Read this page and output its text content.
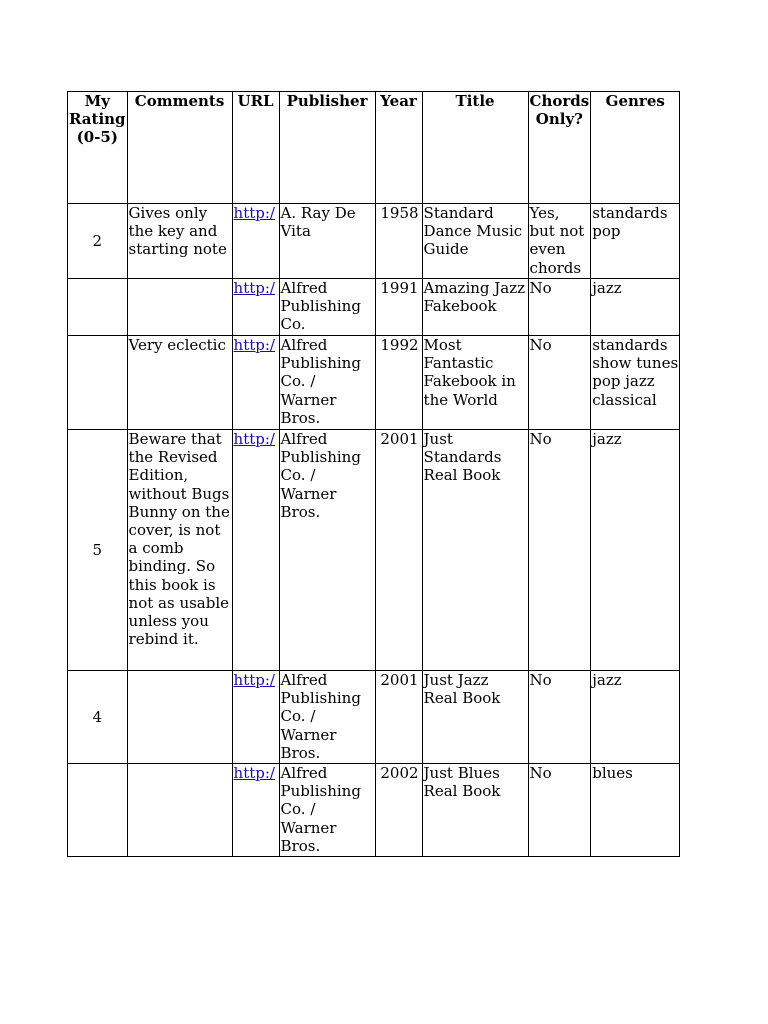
My Rating (0-5)	Comments	URL	Publisher	Year	Title	Chords Only?	Genres
2	Gives only the key and starting note	http:/	A. Ray De Vita	1958	Standard Dance Music Guide	Yes, but not even chords	standards pop
		http:/	Alfred Publishing Co.	1991	Amazing Jazz Fakebook	No	jazz
	Very eclectic	http:/	Alfred Publishing Co. / Warner Bros.	1992	Most Fantastic Fakebook in the World	No	standards show tunes pop jazz classical
5	Beware that the Revised Edition, without Bugs Bunny on the cover, is not a comb binding. So this book is not as usable unless you rebind it.	http:/	Alfred Publishing Co. / Warner Bros.	2001	Just Standards Real Book	No	jazz
4		http:/	Alfred Publishing Co. / Warner Bros.	2001	Just Jazz Real Book	No	jazz
		http:/	Alfred Publishing Co. / Warner Bros.	2002	Just Blues Real Book	No	blues
